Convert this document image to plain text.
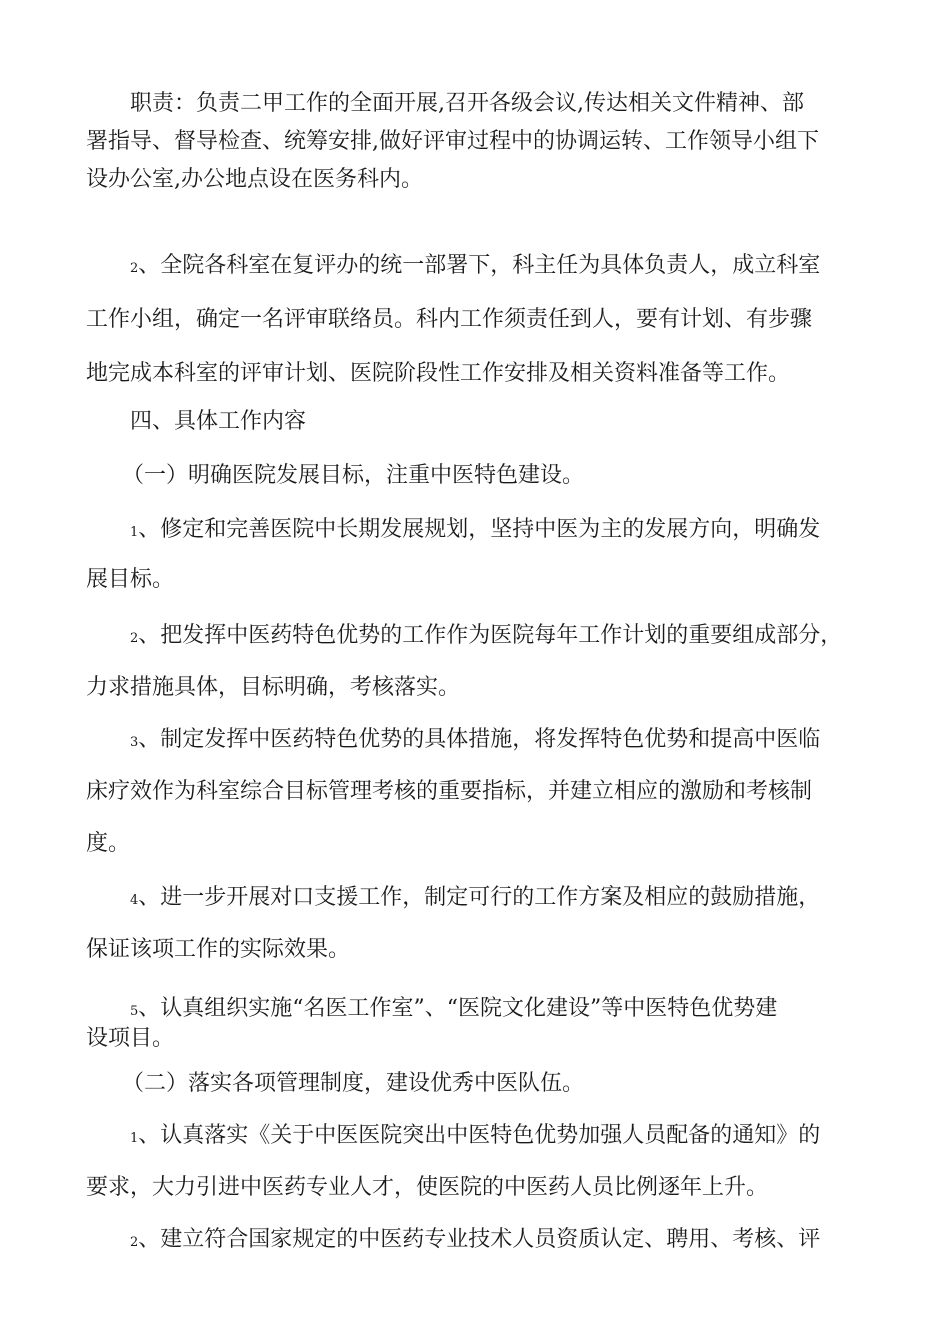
职责：负责二甲工作的全面开展,召开各级会议,传达相关文件精神、部
署指导、督导检查、统筹安排,做好评审过程中的协调运转、工作领导小组下
设办公室,办公地点设在医务科内。
2、全院各科室在复评办的统一部署下，科主任为具体负责人，成立科室
工作小组，确定一名评审联络员。科内工作须责任到人，要有计划、有步骤
地完成本科室的评审计划、医院阶段性工作安排及相关资料准备等工作。
四、具体工作内容
（一）明确医院发展目标，注重中医特色建设。
1、修定和完善医院中长期发展规划，坚持中医为主的发展方向，明确发
展目标。
2、把发挥中医药特色优势的工作作为医院每年工作计划的重要组成部分，
力求措施具体，目标明确，考核落实。
3、制定发挥中医药特色优势的具体措施，将发挥特色优势和提高中医临
床疗效作为科室综合目标管理考核的重要指标，并建立相应的激励和考核制
度。
4、进一步开展对口支援工作，制定可行的工作方案及相应的鼓励措施，
保证该项工作的实际效果。
5、认真组织实施“名医工作室”、“医院文化建设”等中医特色优势建
设项目。
（二）落实各项管理制度，建设优秀中医队伍。
1、认真落实《关于中医医院突出中医特色优势加强人员配备的通知》的
要求，大力引进中医药专业人才，使医院的中医药人员比例逐年上升。
2、建立符合国家规定的中医药专业技术人员资质认定、聘用、考核、评
